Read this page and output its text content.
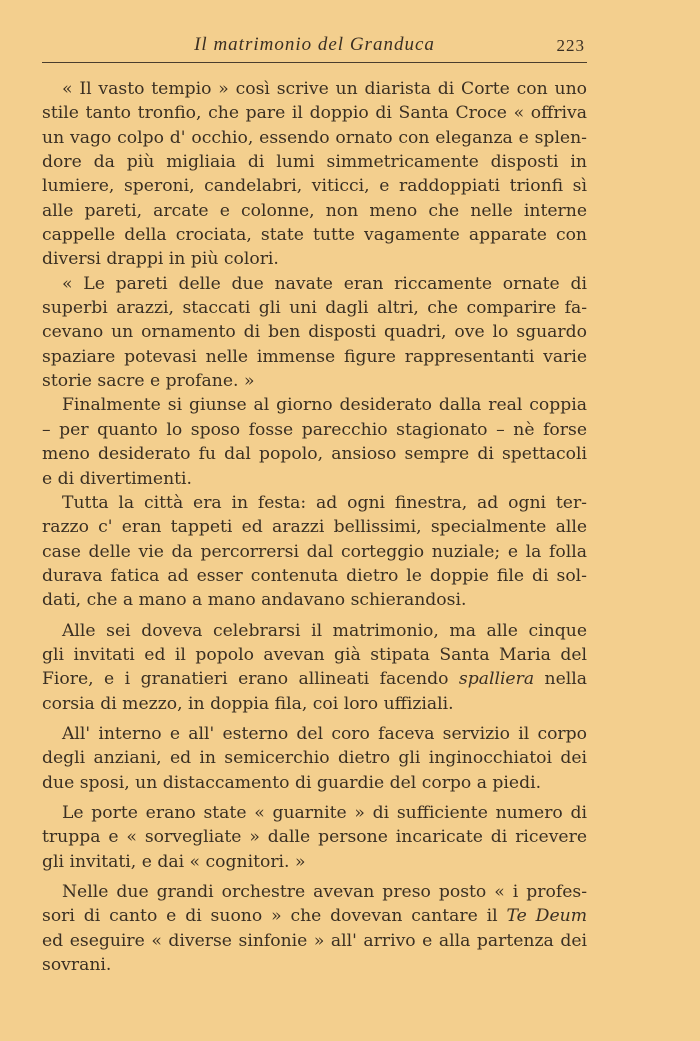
Il matrimonio del Granduca	223
« Il vasto tempio » così scrive un diarista di Corte con uno
stile tanto tronfio, che pare il doppio di Santa Croce « offriva
un vago colpo d' occhio, essendo ornato con eleganza e splen-
dore da più migliaia di lumi simmetricamente disposti in
lumiere, speroni, candelabri, viticci, e raddoppiati trionfi sì
alle pareti, arcate e colonne, non meno che nelle interne
cappelle della crociata, state tutte vagamente apparate con
diversi drappi in più colori.
« Le pareti delle due navate eran riccamente ornate di
superbi arazzi, staccati gli uni dagli altri, che comparire fa-
cevano un ornamento di ben disposti quadri, ove lo sguardo
spaziare potevasi nelle immense figure rappresentanti varie
storie sacre e profane. »
Finalmente si giunse al giorno desiderato dalla real coppia
– per quanto lo sposo fosse parecchio stagionato – nè forse
meno desiderato fu dal popolo, ansioso sempre di spettacoli
e di divertimenti.
Tutta la città era in festa: ad ogni finestra, ad ogni ter-
razzo c' eran tappeti ed arazzi bellissimi, specialmente alle
case delle vie da percorrersi dal corteggio nuziale; e la folla
durava fatica ad esser contenuta dietro le doppie file di sol-
dati, che a mano a mano andavano schierandosi.
Alle sei doveva celebrarsi il matrimonio, ma alle cinque
gli invitati ed il popolo avevan già stipata Santa Maria del
Fiore, e i granatieri erano allineati facendo spalliera nella
corsia di mezzo, in doppia fila, coi loro uffiziali.
All' interno e all' esterno del coro faceva servizio il corpo
degli anziani, ed in semicerchio dietro gli inginocchiatoi dei
due sposi, un distaccamento di guardie del corpo a piedi.
Le porte erano state « guarnite » di sufficiente numero di
truppa e « sorvegliate » dalle persone incaricate di ricevere
gli invitati, e dai « cognitori. »
Nelle due grandi orchestre avevan preso posto « i profes-
sori di canto e di suono » che dovevan cantare il Te Deum
ed eseguire « diverse sinfonie » all' arrivo e alla partenza dei
sovrani.
